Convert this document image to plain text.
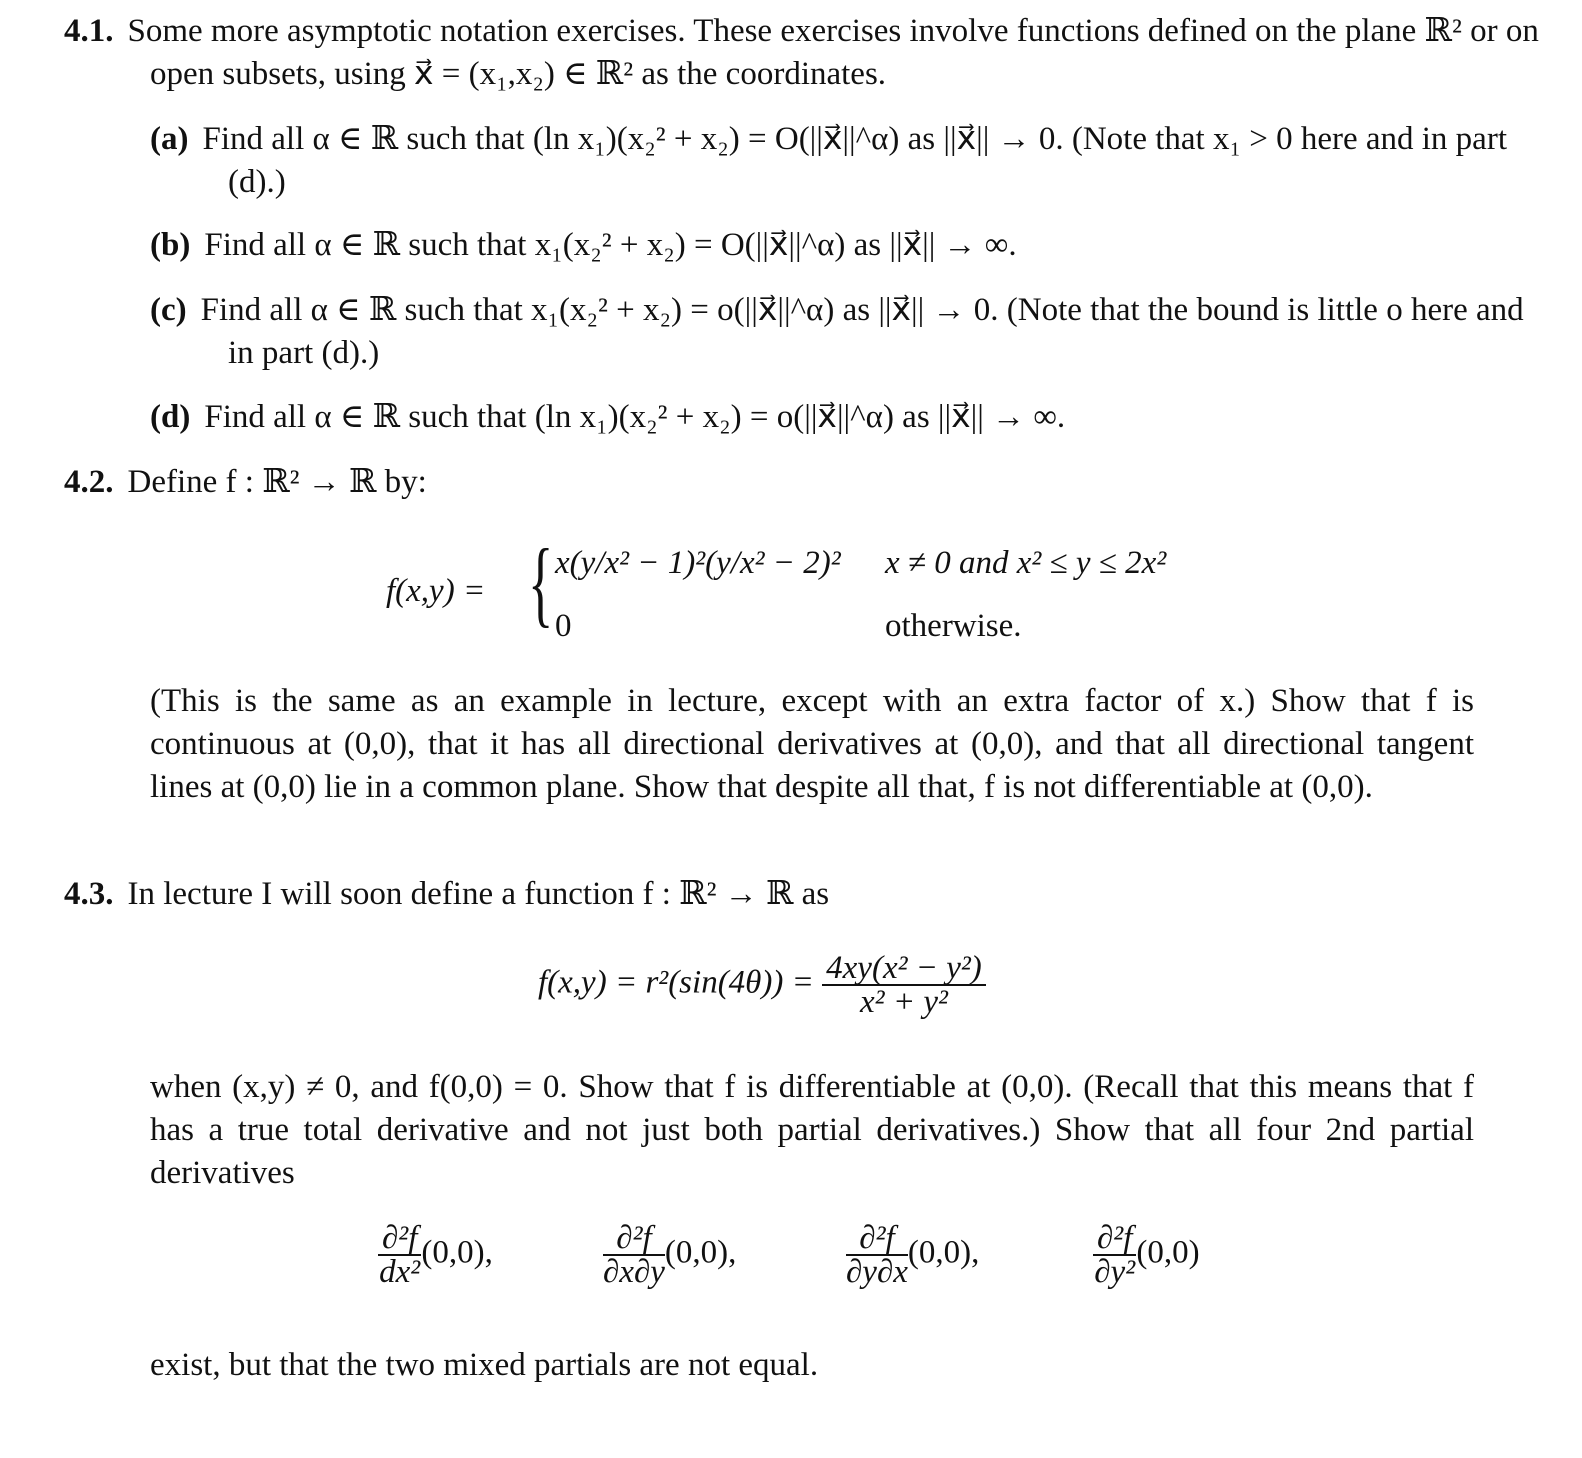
4.1. Some more asymptotic notation exercises. These exercises involve functions defined on the plane ℝ² or on open subsets, using x⃗ = (x₁,x₂) ∈ ℝ² as the coordinates.
(a) Find all α ∈ ℝ such that (ln x₁)(x₂² + x₂) = O(||x⃗||^α) as ||x⃗|| → 0. (Note that x₁ > 0 here and in part (d).)
(b) Find all α ∈ ℝ such that x₁(x₂² + x₂) = O(||x⃗||^α) as ||x⃗|| → ∞.
(c) Find all α ∈ ℝ such that x₁(x₂² + x₂) = o(||x⃗||^α) as ||x⃗|| → 0. (Note that the bound is little o here and in part (d).)
(d) Find all α ∈ ℝ such that (ln x₁)(x₂² + x₂) = o(||x⃗||^α) as ||x⃗|| → ∞.
4.2. Define f : ℝ² → ℝ by:
f(x,y) = { x(y/x² − 1)²(y/x² − 2)² x ≠ 0 and x² ≤ y ≤ 2x²
0	otherwise.
(This is the same as an example in lecture, except with an extra factor of x.) Show that f is continuous at (0,0), that it has all directional derivatives at (0,0), and that all directional tangent lines at (0,0) lie in a common plane. Show that despite all that, f is not differentiable at (0,0).
4.3. In lecture I will soon define a function f : ℝ² → ℝ as
$f(x,y) = r^2(\sin(4\theta)) = \frac{\text{4xy(x² − y²)}}{\text{x² + y²}}$
when (x,y) ≠ 0, and f(0,0) = 0. Show that f is differentiable at (0,0). (Recall that this means that f has a true total derivative and not just both partial derivatives.) Show that all four 2nd partial derivatives
$\frac{\text{∂²f}}{\text{dx²}} (0,0)$,	$\frac{\text{∂²f}}{\partial x\partial y} (0,0)$,	$\frac{\text{∂²f}}{\partial y\partial x} (0,0)$,	$\frac{\text{∂²f}}{\text{∂y²}} (0,0)$
exist, but that the two mixed partials are not equal.
